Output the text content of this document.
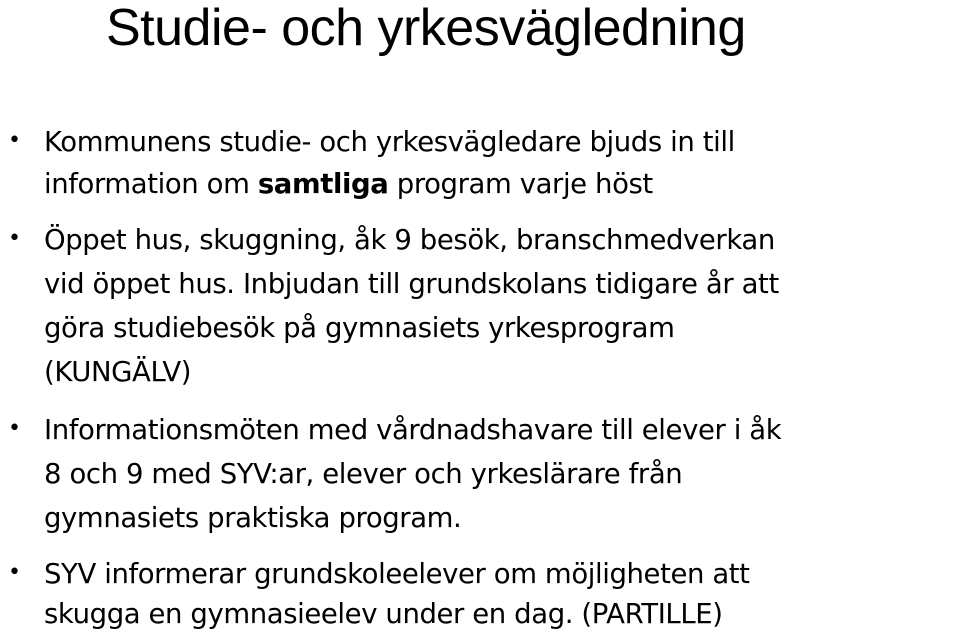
Studie- och yrkesvägledning
• Kommunens studie- och yrkesvägledare bjuds in till
information om samtliga program varje höst
• Öppet hus, skuggning, åk 9 besök, branschmedverkan
vid öppet hus. Inbjudan till grundskolans tidigare år att
göra studiebesök på gymnasiets yrkesprogram
(KUNGÄLV)
• Informationsmöten med vårdnadshavare till elever i åk
8 och 9 med SYV:ar, elever och yrkeslärare från
gymnasiets praktiska program.
• SYV informerar grundskoleelever om möjligheten att
skugga en gymnasieelev under en dag. (PARTILLE)
